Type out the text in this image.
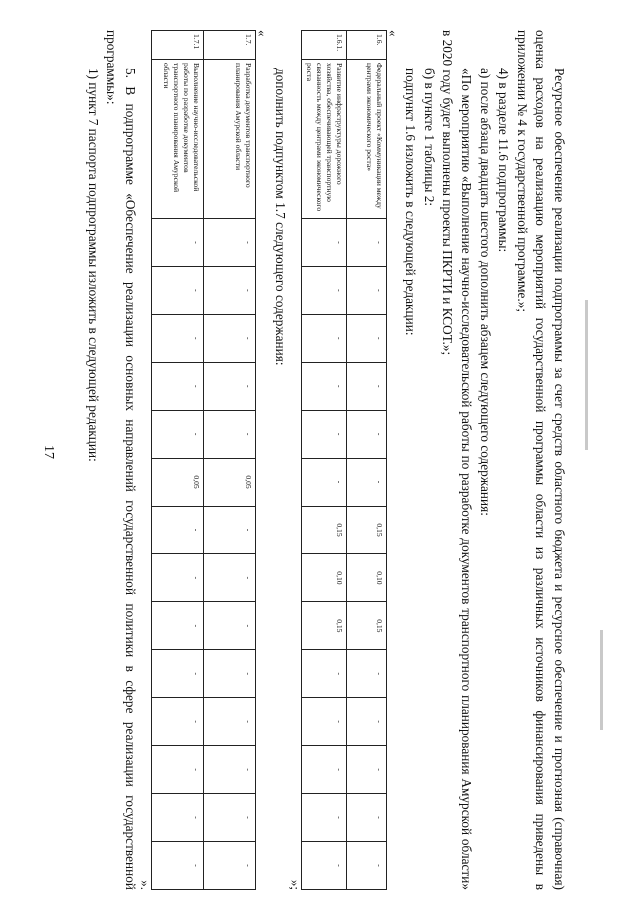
17	Ресурсное обеспечение реализации подпрограммы за счет средств областного бюджета и ресурсное обеспечение и прогнозная (справочная) оценка расходов на реализацию мероприятий государственной программы области из различных источников финансирования приведены в приложении № 4 к государственной программе.»;

4) в разделе 11.6 подпрограммы:

а) после абзаца двадцать шестого дополнить абзацем следующего содержания:

«По мероприятию «Выполнение научно-исследовательской работы по разработке документов транспортного планирования Амурской области» в 2020 году будет выполнены проекты ПКРТИ и КСОТ.»;

б) в пункте 1 таблицы 2:

подпункт 1.6 изложить в следующей редакции:

«
1.6.	Федеральный проект «Коммуникации между центрами экономического роста»	-	-	-	-	-	-	0,15	0,10	0,15	-	-	-	-	-
1.6.1.	Развитие инфраструктуры дорожного хозяйства, обеспечивающей транспортную связанность между центрами экономического роста	-	-	-	-	-	-	0,15	0,10	0,15	-	-	-	-	-
»;

дополнить подпунктом 1.7 следующего содержания:

«
1.7.	Разработка документов транспортного планирования Амурской области	-	-	-	-	-	0,05	-	-	-	-	-	-	-	-
1.7.1	Выполнение научно-исследовательской работы по разработке документов транспортного планирования Амурской области	-	-	-	-	-	0,05	-	-	-	-	-	-	-	-
».

5. В подпрограмме «Обеспечение реализации основных направлений государственной политики в сфере реализации государственной программы»:

1) пункт 7 паспорта подпрограммы изложить в следующей редакции:
